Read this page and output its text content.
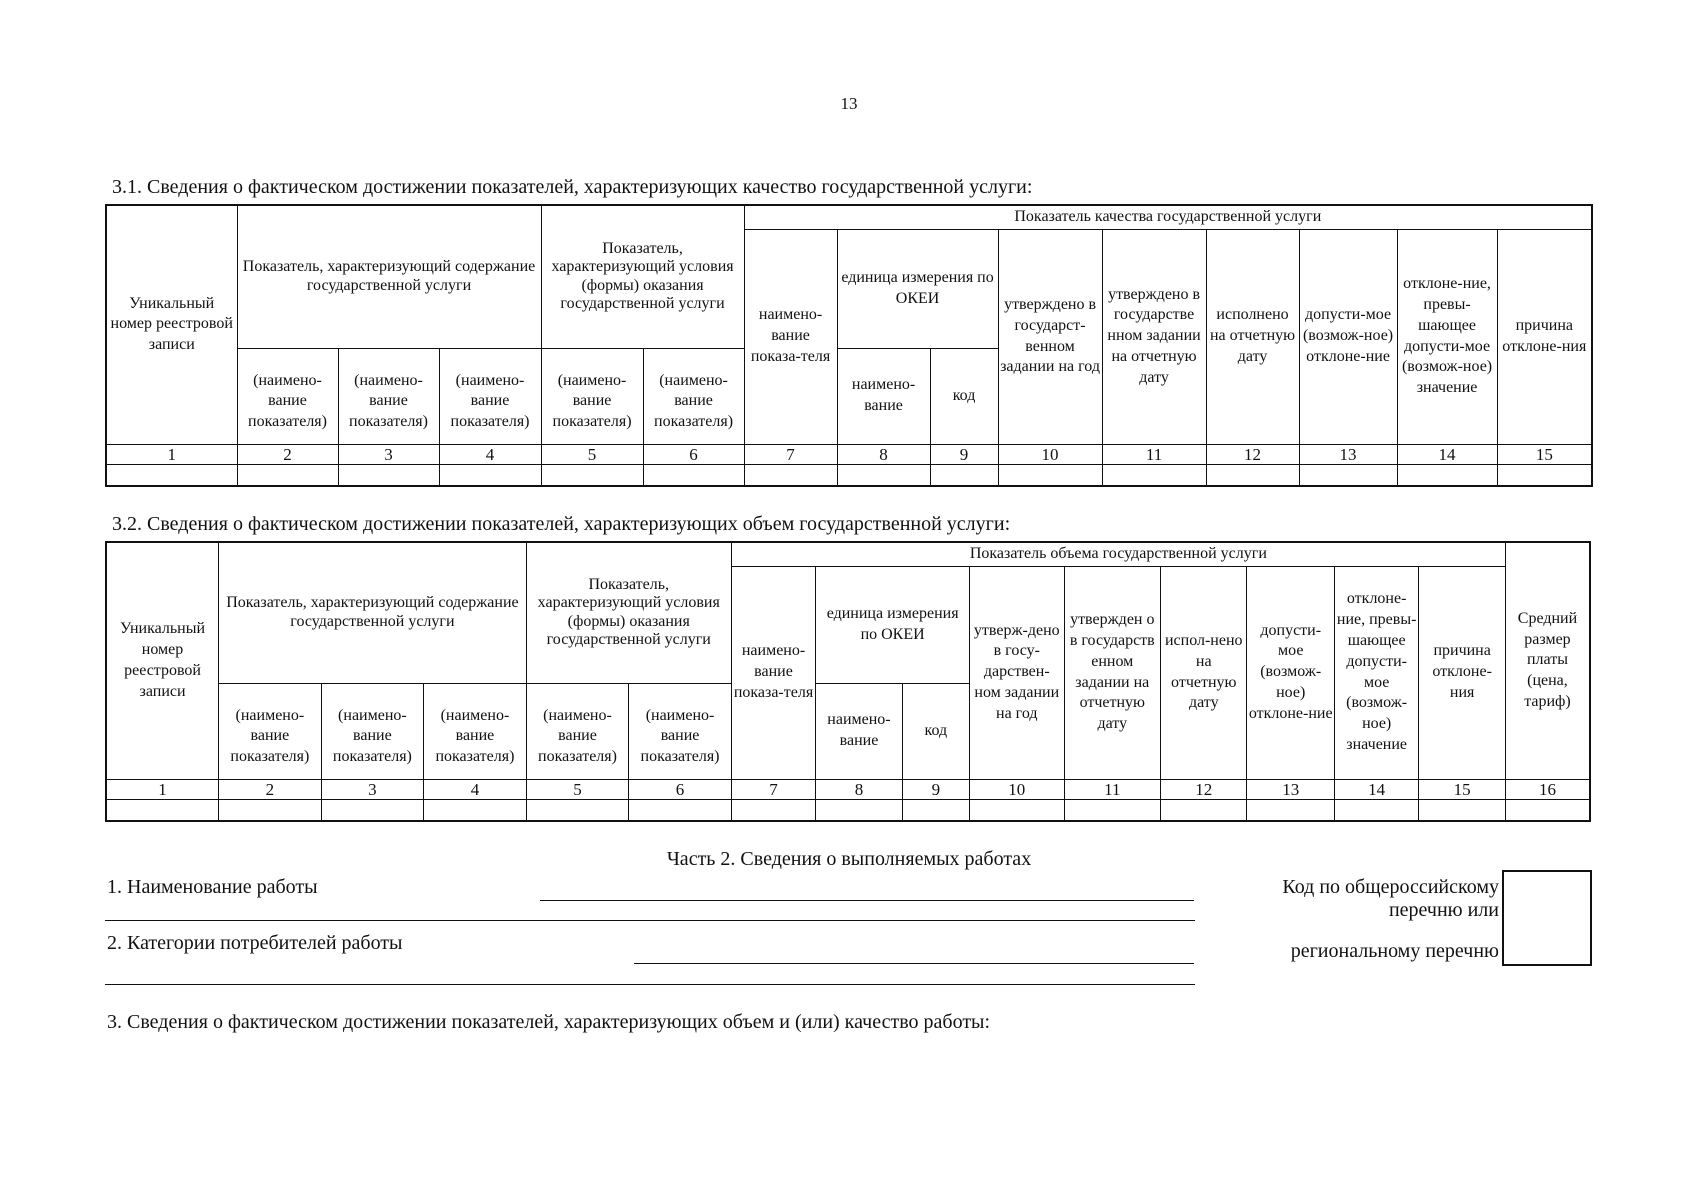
13
3.1. Сведения о фактическом достижении показателей, характеризующих качество государственной услуги:
Уникальный номер реестровой записи	Показатель, характеризующий содержание государственной услуги			Показатель, характеризующий условия (формы) оказания государственной услуги		Показатель качества государственной услуги								
						наимено-вание показа-теля	единица измерения по ОКЕИ		утверждено в государст-венном задании на год	утверждено в государстве нном задании на отчетную дату	исполнено на отчетную дату	допусти-мое (возмож-ное) отклоне-ние	отклоне-ние, превы-шающее допусти-мое (возмож-ное) значение	причина отклоне-ния
	(наимено-вание показателя)	(наимено-вание показателя)	(наимено-вание показателя)	(наимено-вание показателя)	(наимено-вание показателя)		наимено-вание	код						
1	2	3	4	5	6	7	8	9	10	11	12	13	14	15

3.2. Сведения о фактическом достижении показателей, характеризующих объем государственной услуги:
Уникальный номер реестровой записи	Показатель, характеризующий содержание государственной услуги			Показатель, характеризующий условия (формы) оказания государственной услуги		Показатель объема государственной услуги									Средний размер платы (цена, тариф)
						наимено-вание показа-теля	единица измерения по ОКЕИ		утверж-дено в госу-дарствен-ном задании на год	утвержден о в государств енном задании на отчетную дату	испол-нено на отчетную дату	допусти-мое (возмож-ное) отклоне-ние	отклоне-ние, превы-шающее допусти-мое (возмож-ное) значение	причина отклоне-ния	
	(наимено-вание показателя)	(наимено-вание показателя)	(наимено-вание показателя)	(наимено-вание показателя)	(наимено-вание показателя)		наимено-вание	код							
1	2	3	4	5	6	7	8	9	10	11	12	13	14	15	16

Часть 2. Сведения о выполняемых работах
1. Наименование работы
2. Категории потребителей работы
Код по общероссийскому
перечню или
региональному перечню
3. Сведения о фактическом достижении показателей, характеризующих объем и (или) качество работы:
